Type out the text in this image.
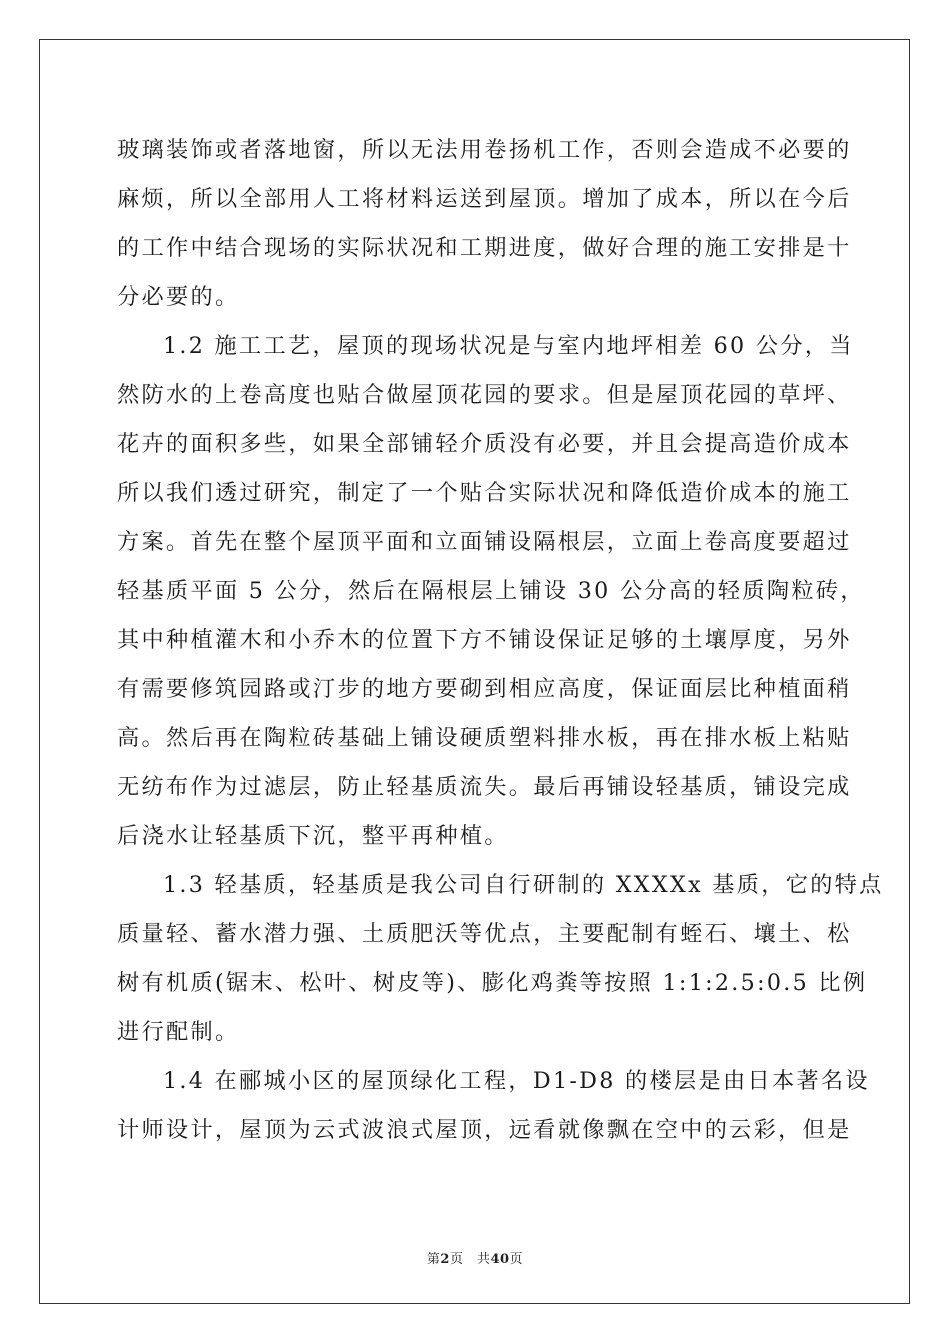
玻璃装饰或者落地窗，所以无法用卷扬机工作，否则会造成不必要的
麻烦，所以全部用人工将材料运送到屋顶。增加了成本，所以在今后
的工作中结合现场的实际状况和工期进度，做好合理的施工安排是十
分必要的。

1.2 施工工艺，屋顶的现场状况是与室内地坪相差 60 公分，当
然防水的上卷高度也贴合做屋顶花园的要求。但是屋顶花园的草坪、
花卉的面积多些，如果全部铺轻介质没有必要，并且会提高造价成本
所以我们透过研究，制定了一个贴合实际状况和降低造价成本的施工
方案。首先在整个屋顶平面和立面铺设隔根层，立面上卷高度要超过
轻基质平面 5 公分，然后在隔根层上铺设 30 公分高的轻质陶粒砖，
其中种植灌木和小乔木的位置下方不铺设保证足够的土壤厚度，另外
有需要修筑园路或汀步的地方要砌到相应高度，保证面层比种植面稍
高。然后再在陶粒砖基础上铺设硬质塑料排水板，再在排水板上粘贴
无纺布作为过滤层，防止轻基质流失。最后再铺设轻基质，铺设完成
后浇水让轻基质下沉，整平再种植。

1.3 轻基质，轻基质是我公司自行研制的 XXXXx 基质，它的特点
质量轻、蓄水潜力强、土质肥沃等优点，主要配制有蛭石、壤土、松
树有机质(锯末、松叶、树皮等)、膨化鸡粪等按照 1:1:2.5:0.5 比例
进行配制。

1.4 在郦城小区的屋顶绿化工程，D1-D8 的楼层是由日本著名设
计师设计，屋顶为云式波浪式屋顶，远看就像飘在空中的云彩，但是

第2页　共40页
